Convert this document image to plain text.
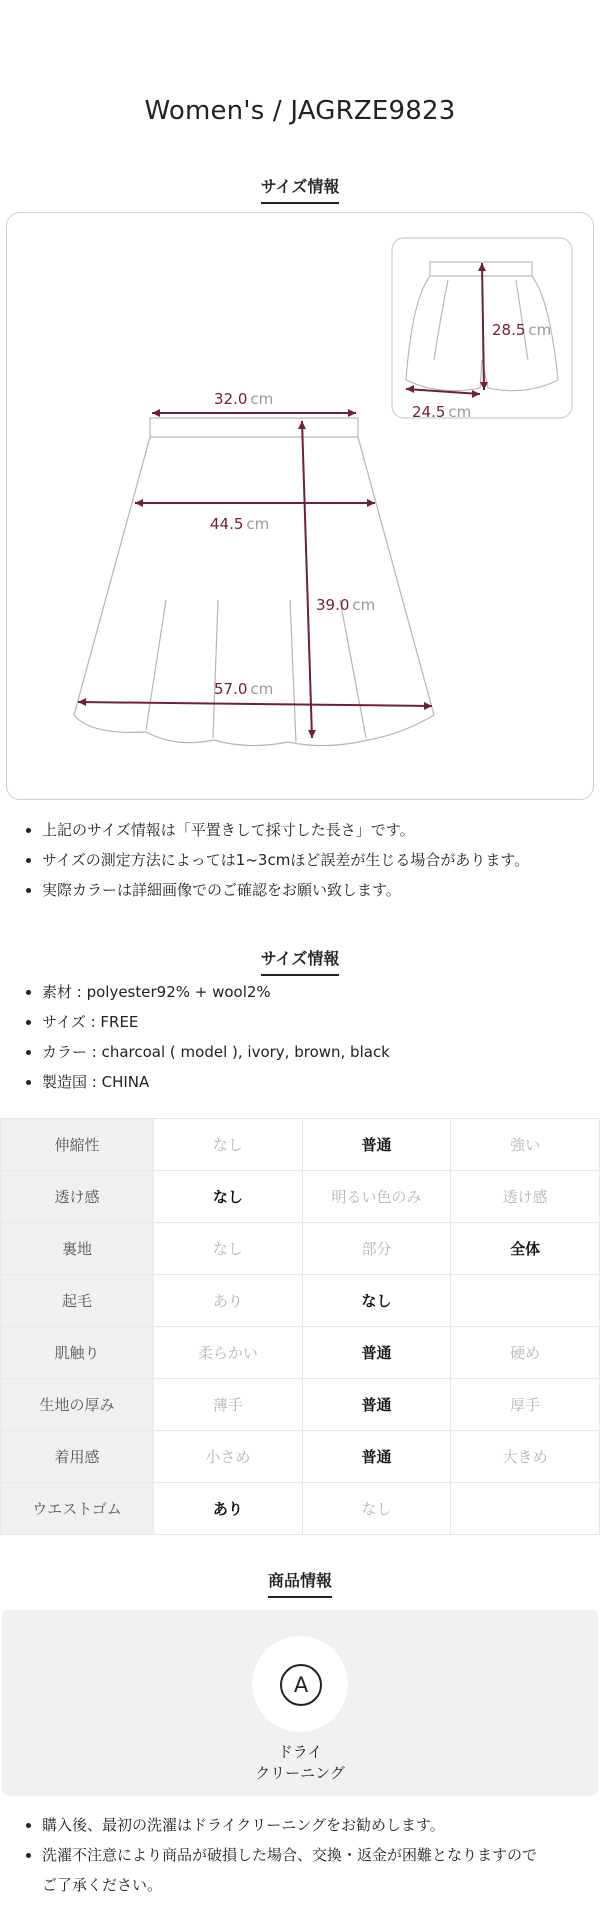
Women's / JAGRZE9823
サイズ情報
32.0 cm
44.5 cm
39.0 cm
57.0 cm
28.5 cm
24.5 cm
• 上記のサイズ情報は「平置きして採寸した長さ」です。
• サイズの測定方法によっては1~3cmほど誤差が生じる場合があります。
• 実際カラーは詳細画像でのご確認をお願い致します。
サイズ情報
• 素材 : polyester92% + wool2%
• サイズ : FREE
• カラー : charcoal ( model ), ivory, brown, black
• 製造国 : CHINA
伸縮性	なし	普通	強い
透け感	なし	明るい色のみ	透け感
裏地	なし	部分	全体
起毛	あり	なし	
肌触り	柔らかい	普通	硬め
生地の厚み	薄手	普通	厚手
着用感	小さめ	普通	大きめ
ウエストゴム	あり	なし	
商品情報
A
ドライ
クリーニング
• 購入後、最初の洗濯はドライクリーニングをお勧めします。
• 洗濯不注意により商品が破損した場合、交換・返金が困難となりますので
ご了承ください。
